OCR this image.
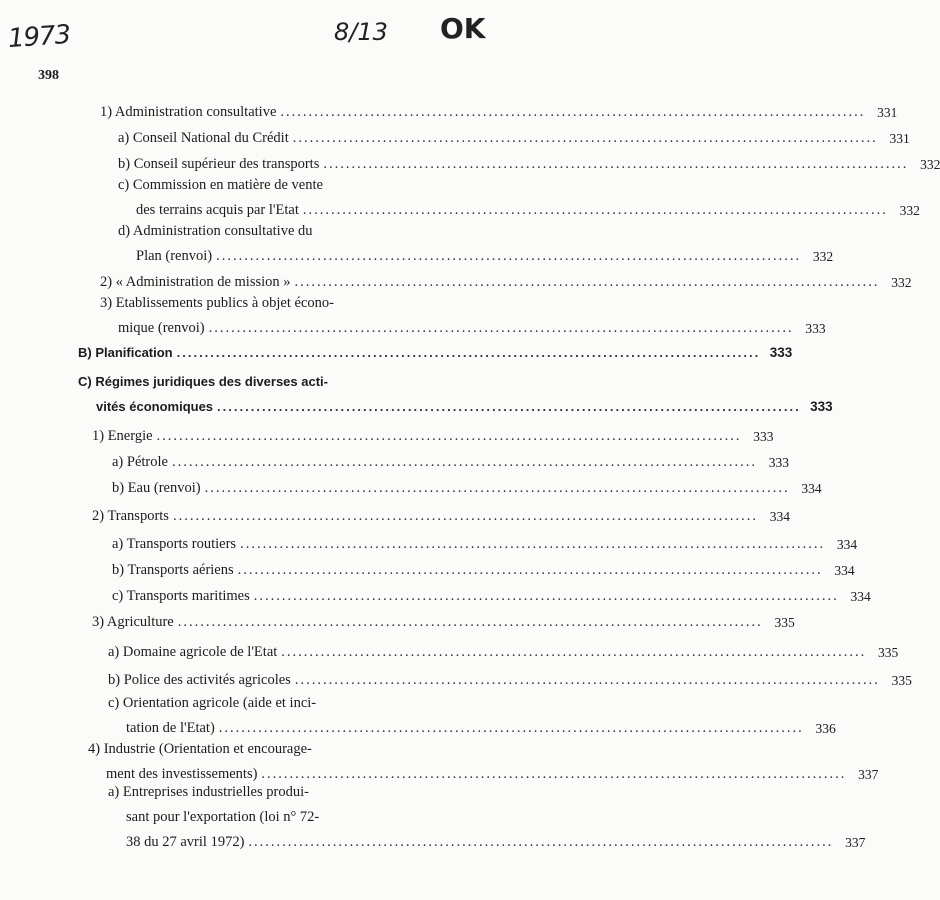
1973	8/13 OK
398
1) Administration consultative ........................................................................................................ 331
a) Conseil National du Crédit ........................................................................................................ 331
b) Conseil supérieur des transports ........................................................................................................ 332
c) Commission en matière de vente
des terrains acquis par l'Etat ........................................................................................................ 332
d) Administration consultative du
Plan (renvoi) ........................................................................................................ 332
2) « Administration de mission » ........................................................................................................ 332
3) Etablissements publics à objet écono-
mique (renvoi) ........................................................................................................ 333
B) Planification ........................................................................................................ 333
C) Régimes juridiques des diverses acti-
vités économiques ........................................................................................................ 333
1) Energie ........................................................................................................ 333
a) Pétrole ........................................................................................................ 333
b) Eau (renvoi) ........................................................................................................ 334
2) Transports ........................................................................................................ 334
a) Transports routiers ........................................................................................................ 334
b) Transports aériens ........................................................................................................ 334
c) Transports maritimes ........................................................................................................ 334
3) Agriculture ........................................................................................................ 335
a) Domaine agricole de l'Etat ........................................................................................................ 335
b) Police des activités agricoles ........................................................................................................ 335
c) Orientation agricole (aide et inci-
tation de l'Etat) ........................................................................................................ 336
4) Industrie (Orientation et encourage-
ment des investissements) ........................................................................................................ 337
a) Entreprises industrielles produi-
sant pour l'exportation (loi n° 72-
38 du 27 avril 1972) ........................................................................................................ 337
